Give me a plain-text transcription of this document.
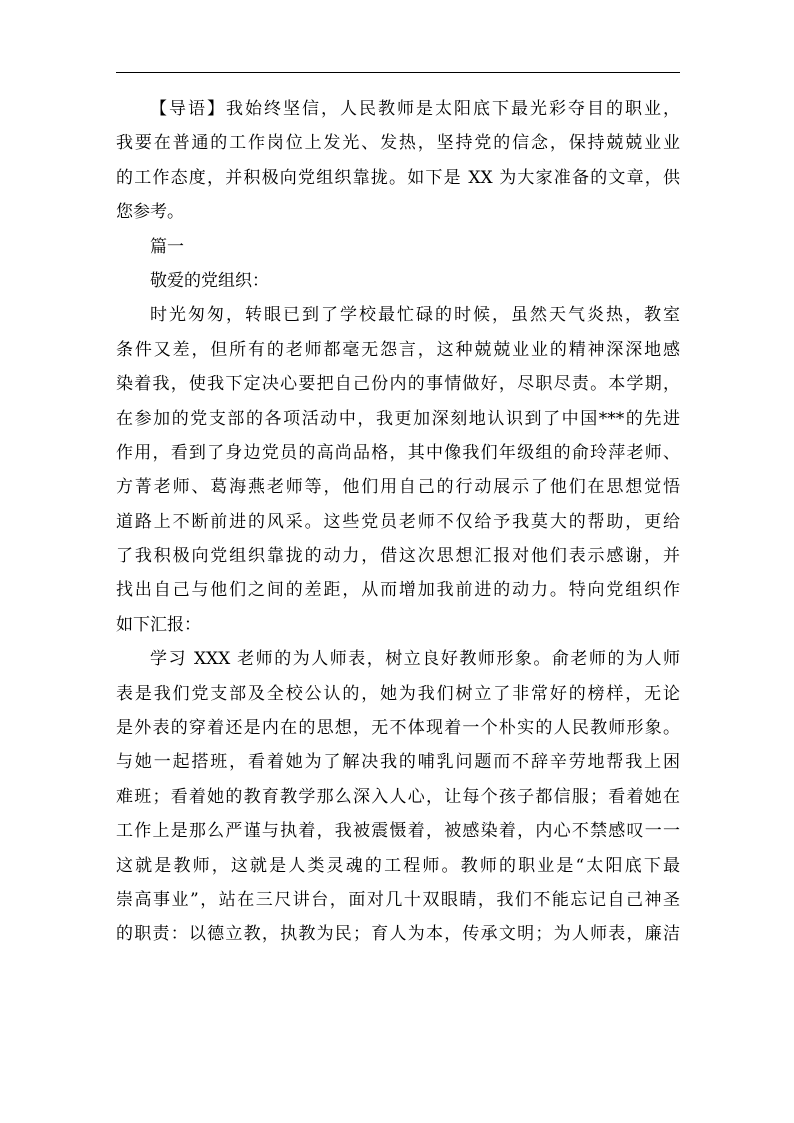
【导语】我始终坚信，人民教师是太阳底下最光彩夺目的职业，
我要在普通的工作岗位上发光、发热，坚持党的信念，保持兢兢业业
的工作态度，并积极向党组织靠拢。如下是 XX 为大家准备的文章，供
您参考。
篇一
敬爱的党组织：
时光匆匆，转眼已到了学校最忙碌的时候，虽然天气炎热，教室
条件又差，但所有的老师都毫无怨言，这种兢兢业业的精神深深地感
染着我，使我下定决心要把自己份内的事情做好，尽职尽责。本学期，
在参加的党支部的各项活动中，我更加深刻地认识到了中国***的先进
作用，看到了身边党员的高尚品格，其中像我们年级组的俞玲萍老师、
方菁老师、葛海燕老师等，他们用自己的行动展示了他们在思想觉悟
道路上不断前进的风采。这些党员老师不仅给予我莫大的帮助，更给
了我积极向党组织靠拢的动力，借这次思想汇报对他们表示感谢，并
找出自己与他们之间的差距，从而增加我前进的动力。特向党组织作
如下汇报：
学习 XXX 老师的为人师表，树立良好教师形象。俞老师的为人师
表是我们党支部及全校公认的，她为我们树立了非常好的榜样，无论
是外表的穿着还是内在的思想，无不体现着一个朴实的人民教师形象。
与她一起搭班，看着她为了解决我的哺乳问题而不辞辛劳地帮我上困
难班；看着她的教育教学那么深入人心，让每个孩子都信服；看着她在
工作上是那么严谨与执着，我被震慑着，被感染着，内心不禁感叹一一
这就是教师，这就是人类灵魂的工程师。教师的职业是“太阳底下最
崇高事业”，站在三尺讲台，面对几十双眼睛，我们不能忘记自己神圣
的职责：以德立教，执教为民；育人为本，传承文明；为人师表，廉洁
